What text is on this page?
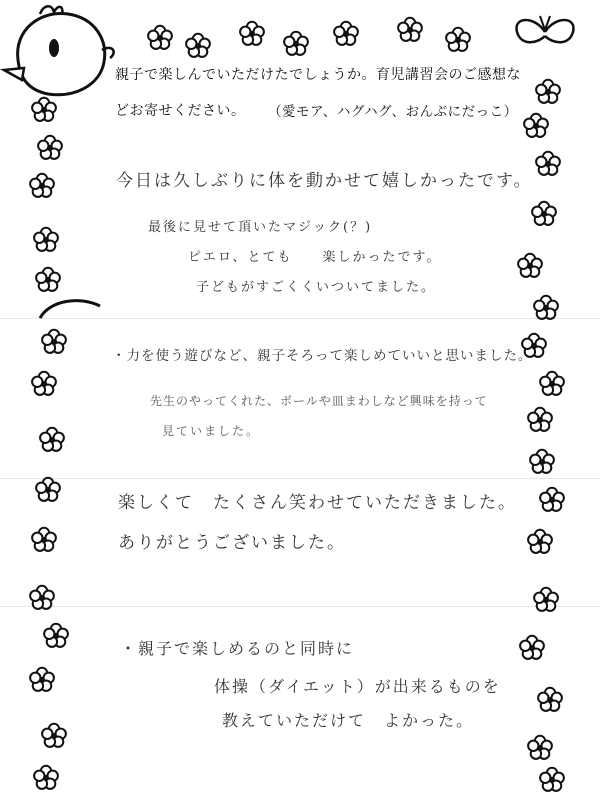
親子で楽しんでいただけたでしょうか。育児講習会のご感想な
どお寄せください。 （愛モア、ハグハグ、おんぶにだっこ）
今日は久しぶりに体を動かせて嬉しかったです。
最後に見せて頂いたマジック(？)
ピエロ、とても　　楽しかったです。
子どもがすごくくいついてました。
・力を使う遊びなど、親子そろって楽しめていいと思いました。
先生のやってくれた、ボールや皿まわしなど興味を持って
見ていました。
楽しくて　たくさん笑わせていただきました。
ありがとうございました。
・親子で楽しめるのと同時に
体操（ダイエット）が出来るものを
教えていただけて　よかった。
